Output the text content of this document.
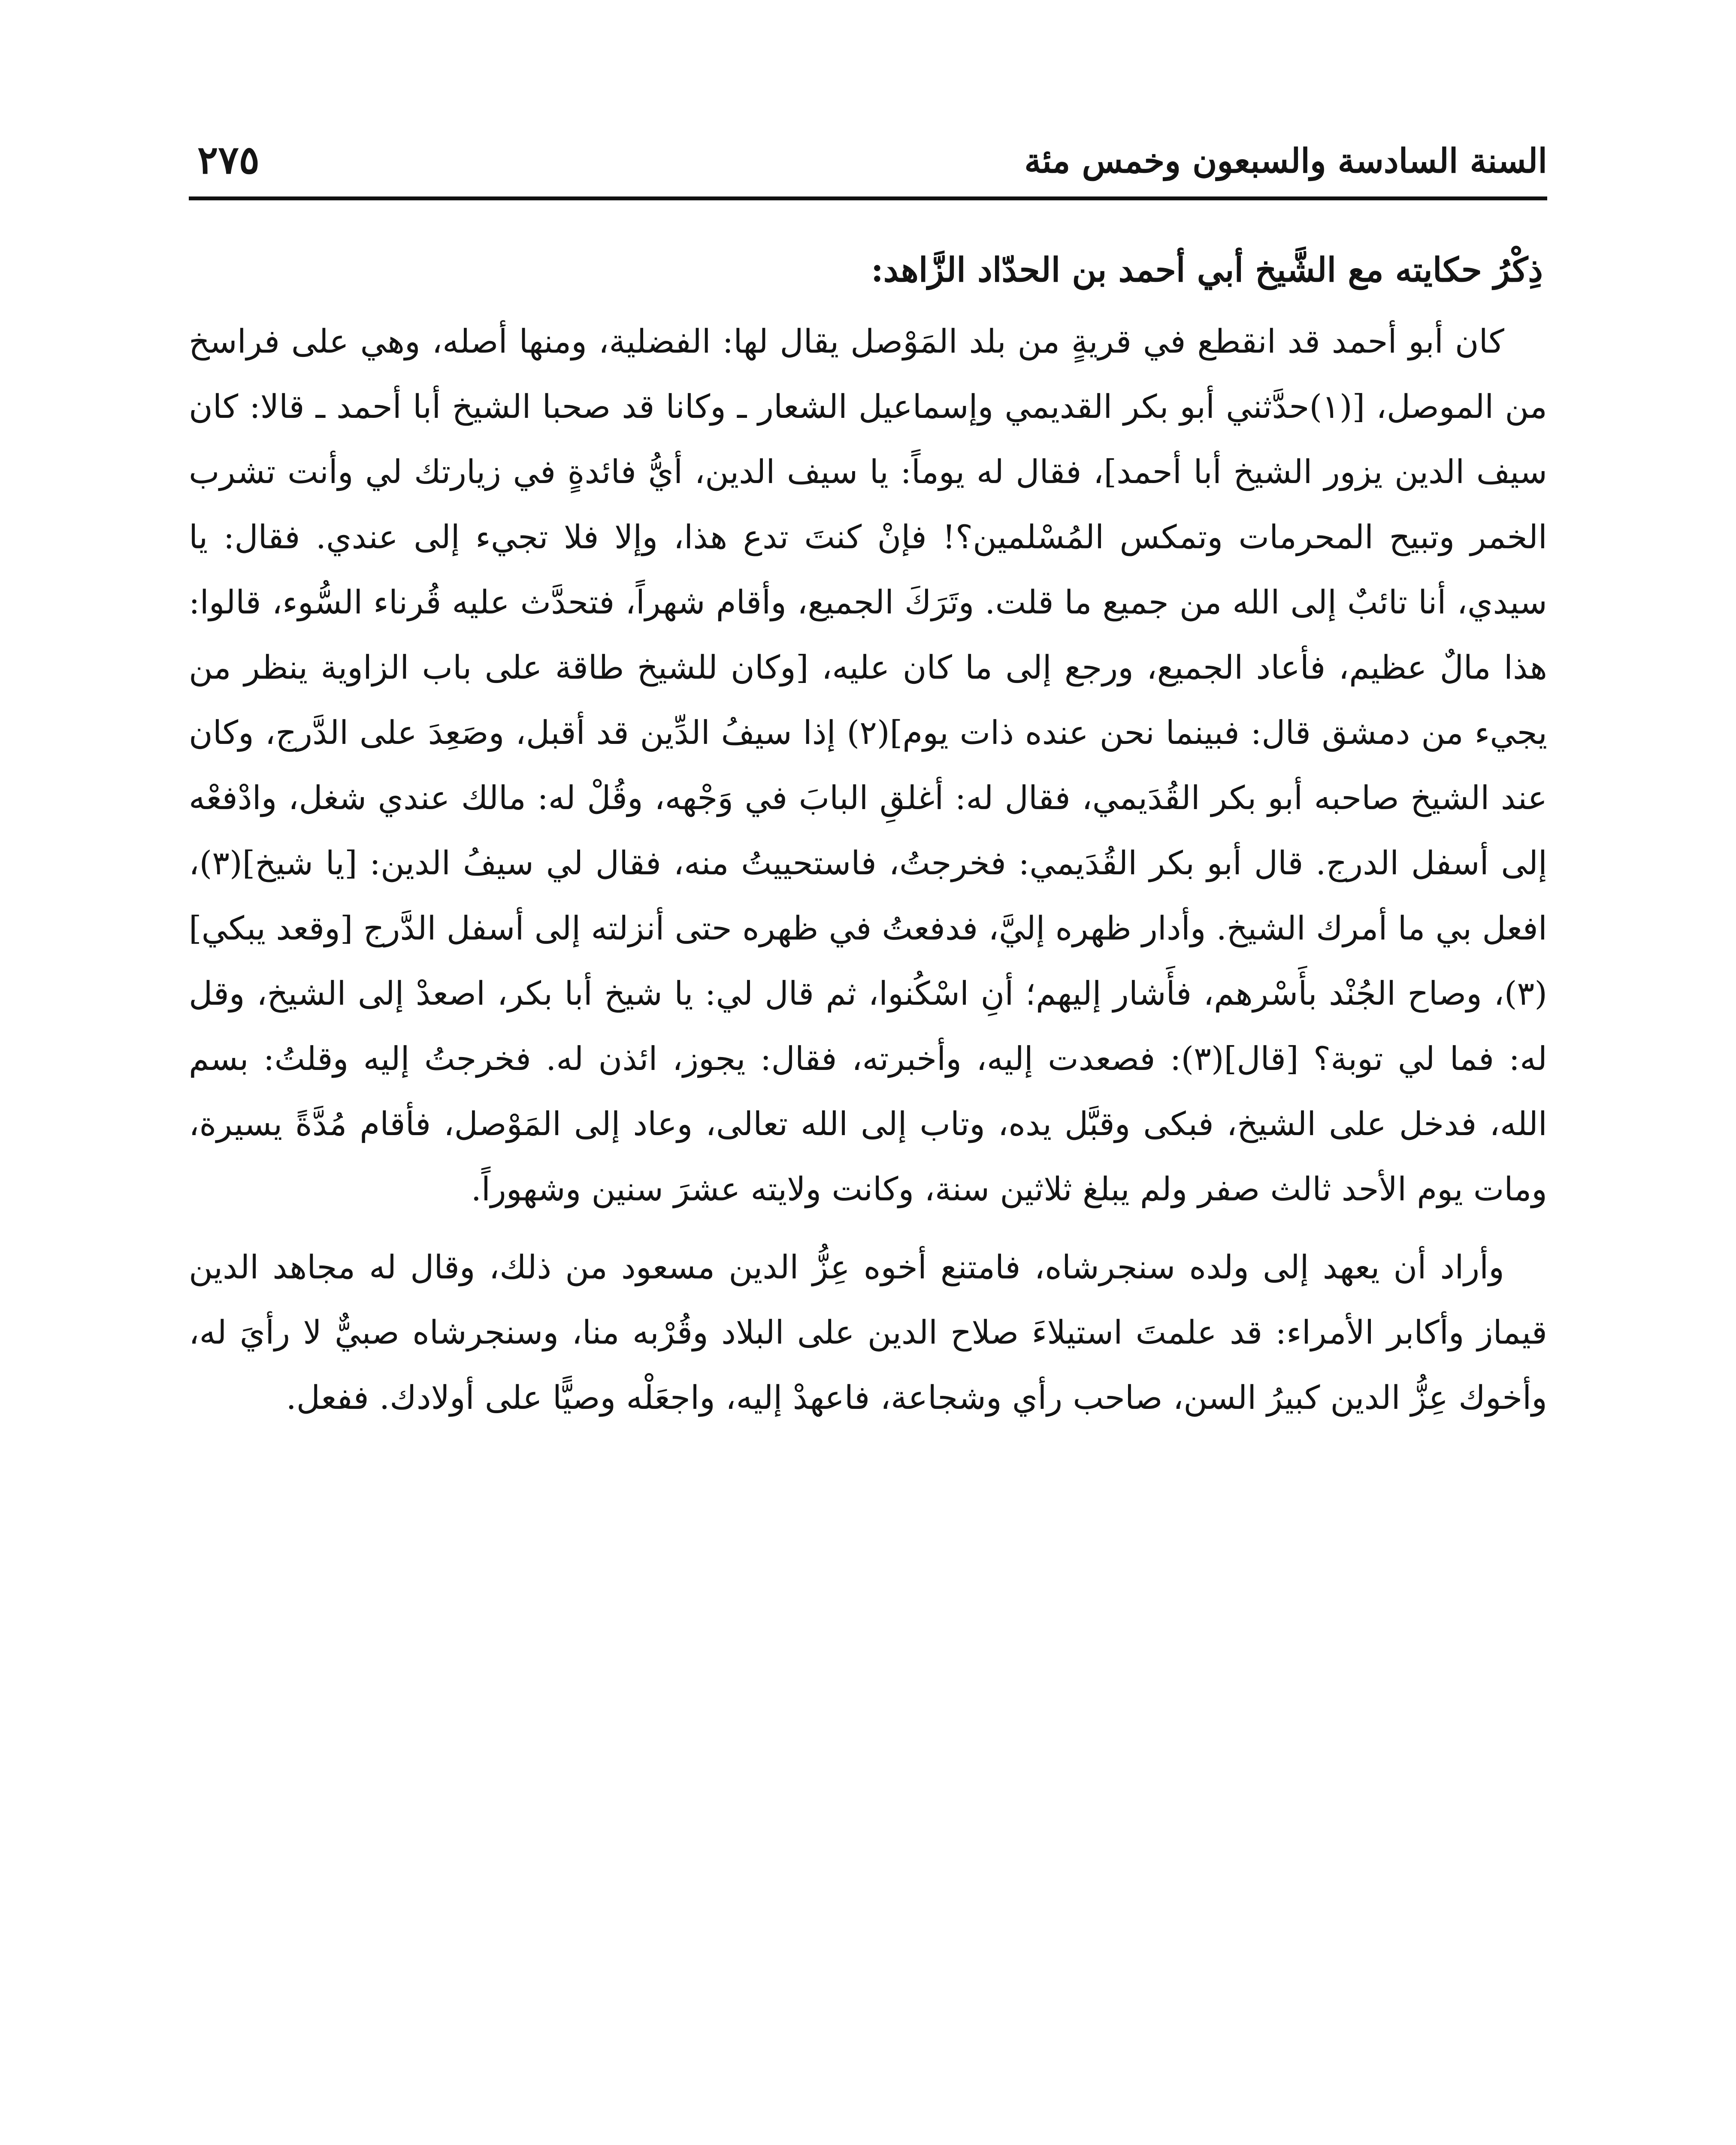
السنة السادسة والسبعون وخمس مئة
٢٧٥
ذِكْرُ حكايته مع الشَّيخ أبي أحمد بن الحدّاد الزَّاهد:

كان أبو أحمد قد انقطع في قريةٍ من بلد المَوْصل يقال لها: الفضلية، ومنها أصله، وهي على فراسخ من الموصل، [(١)حدَّثني أبو بكر القديمي وإسماعيل الشعار ـ وكانا قد صحبا الشيخ أبا أحمد ـ قالا: كان سيف الدين يزور الشيخ أبا أحمد]، فقال له يوماً: يا سيف الدين، أيُّ فائدةٍ في زيارتك لي وأنت تشرب الخمر وتبيح المحرمات وتمكس المُسْلمين؟! فإنْ كنتَ تدع هذا، وإلا فلا تجيء إلى عندي. فقال: يا سيدي، أنا تائبٌ إلى الله من جميع ما قلت. وتَرَكَ الجميع، وأقام شهراً، فتحدَّث عليه قُرناء السُّوء، قالوا: هذا مالٌ عظيم، فأعاد الجميع، ورجع إلى ما كان عليه، [وكان للشيخ طاقة على باب الزاوية ينظر من يجيء من دمشق قال: فبينما نحن عنده ذات يوم](٢) إذا سيفُ الدِّين قد أقبل، وصَعِدَ على الدَّرج، وكان عند الشيخ صاحبه أبو بكر القُدَيمي، فقال له: أغلقِ البابَ في وَجْهه، وقُلْ له: مالك عندي شغل، وادْفعْه إلى أسفل الدرج. قال أبو بكر القُدَيمي: فخرجتُ، فاستحييتُ منه، فقال لي سيفُ الدين: [يا شيخ](٣)، افعل بي ما أمرك الشيخ. وأدار ظهره إليَّ، فدفعتُ في ظهره حتى أنزلته إلى أسفل الدَّرج [وقعد يبكي](٣)، وصاح الجُنْد بأَسْرهم، فأَشار إليهم؛ أنِ اسْكُنوا، ثم قال لي: يا شيخ أبا بكر، اصعدْ إلى الشيخ، وقل له: فما لي توبة؟ [قال](٣): فصعدت إليه، وأخبرته، فقال: يجوز، ائذن له. فخرجتُ إليه وقلتُ: بسم الله، فدخل على الشيخ، فبكى وقبَّل يده، وتاب إلى الله تعالى، وعاد إلى المَوْصل، فأقام مُدَّةً يسيرة، ومات يوم الأحد ثالث صفر ولم يبلغ ثلاثين سنة، وكانت ولايته عشرَ سنين وشهوراً.

وأراد أن يعهد إلى ولده سنجرشاه، فامتنع أخوه عِزُّ الدين مسعود من ذلك، وقال له مجاهد الدين قيماز وأكابر الأمراء: قد علمتَ استيلاءَ صلاح الدين على البلاد وقُرْبه منا، وسنجرشاه صبيٌّ لا رأيَ له، وأخوك عِزُّ الدين كبيرُ السن، صاحب رأي وشجاعة، فاعهدْ إليه، واجعَلْه وصيًّا على أولادك. ففعل.
